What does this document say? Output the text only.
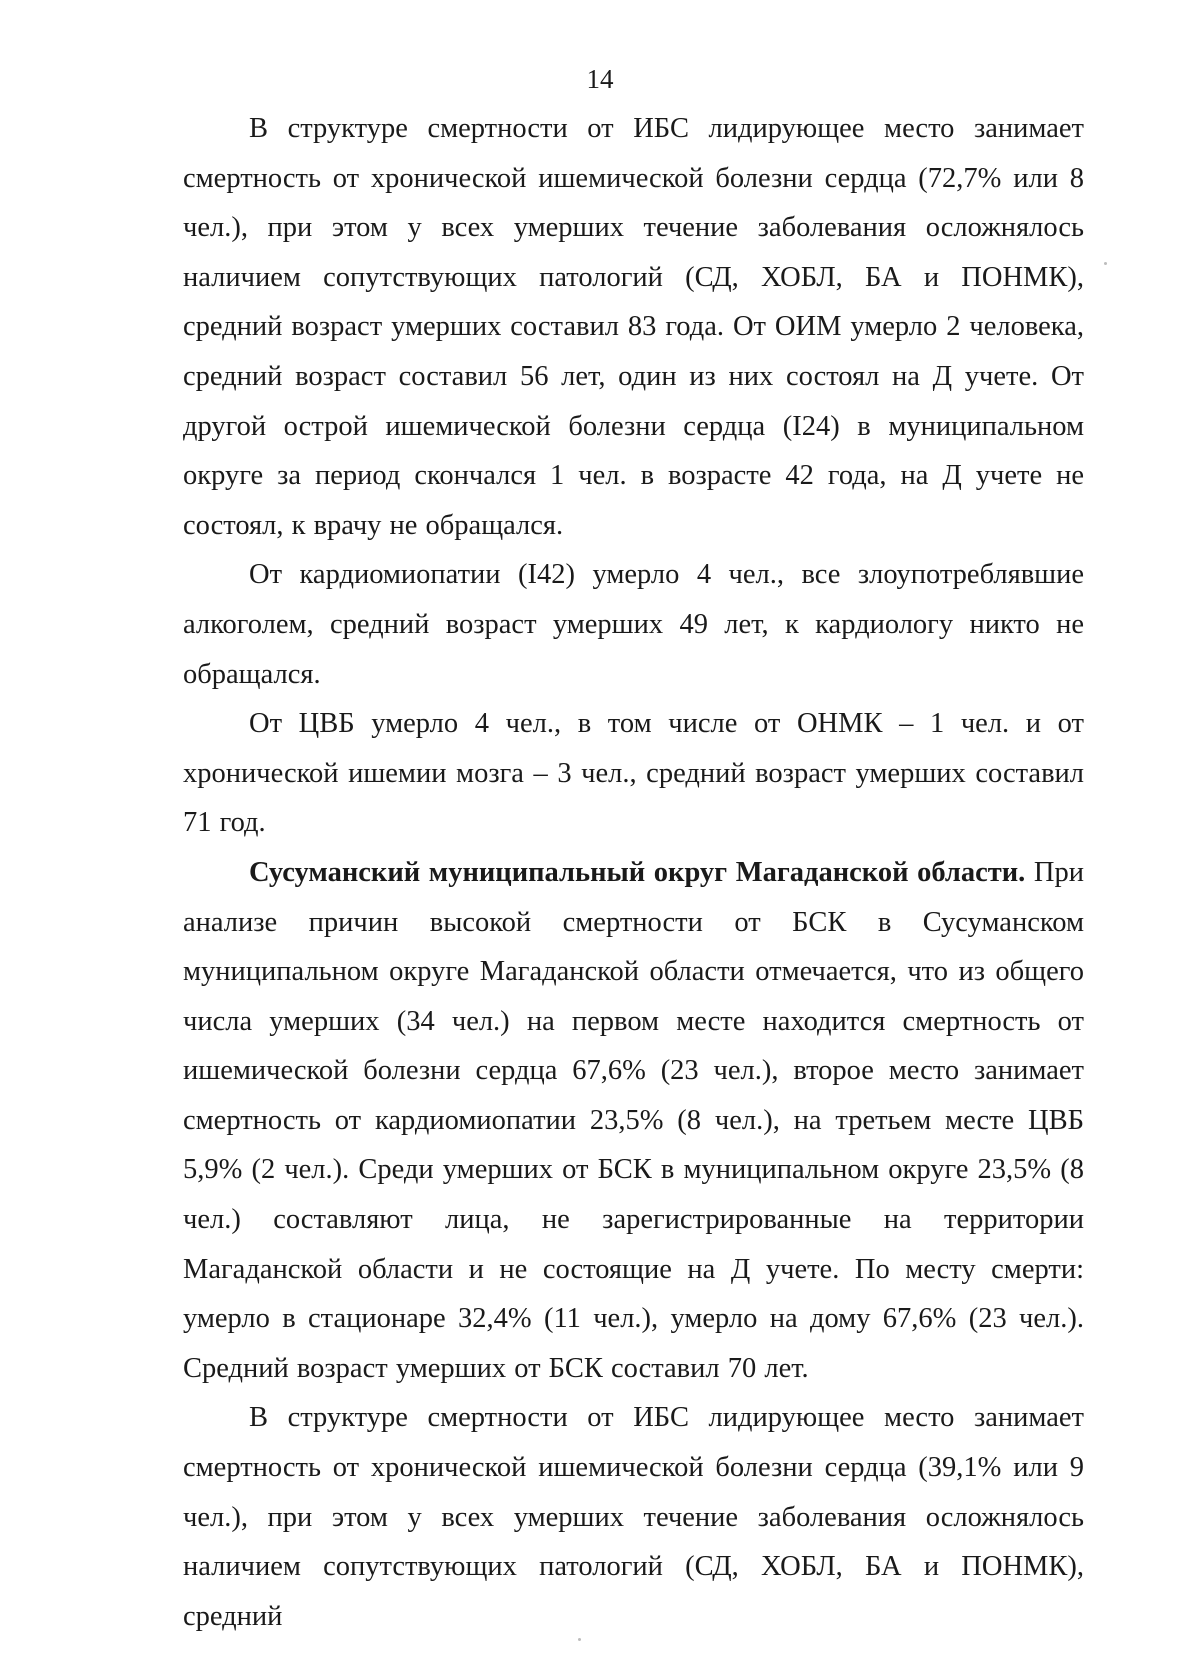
14

В структуре смертности от ИБС лидирующее место занимает смертность от хронической ишемической болезни сердца (72,7% или 8 чел.), при этом у всех умерших течение заболевания осложнялось наличием сопутствующих патологий (СД, ХОБЛ, БА и ПОНМК), средний возраст умерших составил 83 года. От ОИМ умерло 2 человека, средний возраст составил 56 лет, один из них состоял на Д учете. От другой острой ишемической болезни сердца (I24) в муниципальном округе за период скончался 1 чел. в возрасте 42 года, на Д учете не состоял, к врачу не обращался.

От кардиомиопатии (I42) умерло 4 чел., все злоупотреблявшие алкоголем, средний возраст умерших 49 лет, к кардиологу никто не обращался.

От ЦВБ умерло 4 чел., в том числе от ОНМК – 1 чел. и от хронической ишемии мозга – 3 чел., средний возраст умерших составил 71 год.

Сусуманский муниципальный округ Магаданской области. При анализе причин высокой смертности от БСК в Сусуманском муниципальном округе Магаданской области отмечается, что из общего числа умерших (34 чел.) на первом месте находится смертность от ишемической болезни сердца 67,6% (23 чел.), второе место занимает смертность от кардиомиопатии 23,5% (8 чел.), на третьем месте ЦВБ 5,9% (2 чел.). Среди умерших от БСК в муниципальном округе 23,5% (8 чел.) составляют лица, не зарегистрированные на территории Магаданской области и не состоящие на Д учете. По месту смерти: умерло в стационаре 32,4% (11 чел.), умерло на дому 67,6% (23 чел.). Средний возраст умерших от БСК составил 70 лет.

В структуре смертности от ИБС лидирующее место занимает смертность от хронической ишемической болезни сердца (39,1% или 9 чел.), при этом у всех умерших течение заболевания осложнялось наличием сопутствующих патологий (СД, ХОБЛ, БА и ПОНМК), средний
